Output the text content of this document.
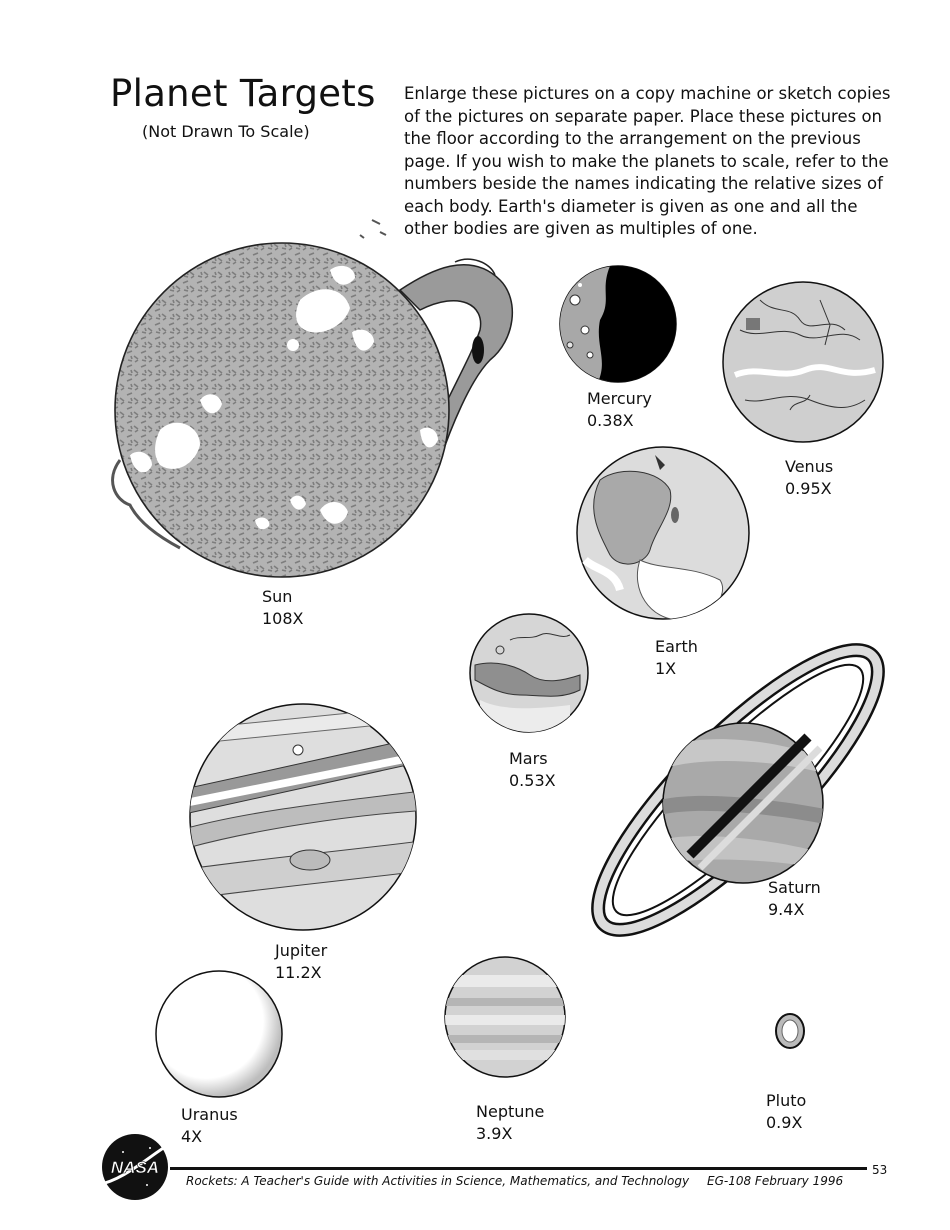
Planet Targets
(Not Drawn To Scale)
Enlarge these pictures on a copy machine or sketch copies of the pictures on separate paper. Place these pictures on the floor according to the arrangement on the previous page. If you wish to make the planets to scale, refer to the numbers beside the names indicating the relative sizes of each body. Earth's diameter is given as one and all the other bodies are given as multiples of one.
Sun
108X
Mercury
0.38X
Venus
0.95X
Earth
1X
Mars
0.53X
Jupiter
11.2X
Saturn
9.4X
Uranus
4X
Neptune
3.9X
Pluto
0.9X
NASA
Rockets: A Teacher's Guide with Activities in Science, Mathematics, and Technology EG-108 February 1996
53
